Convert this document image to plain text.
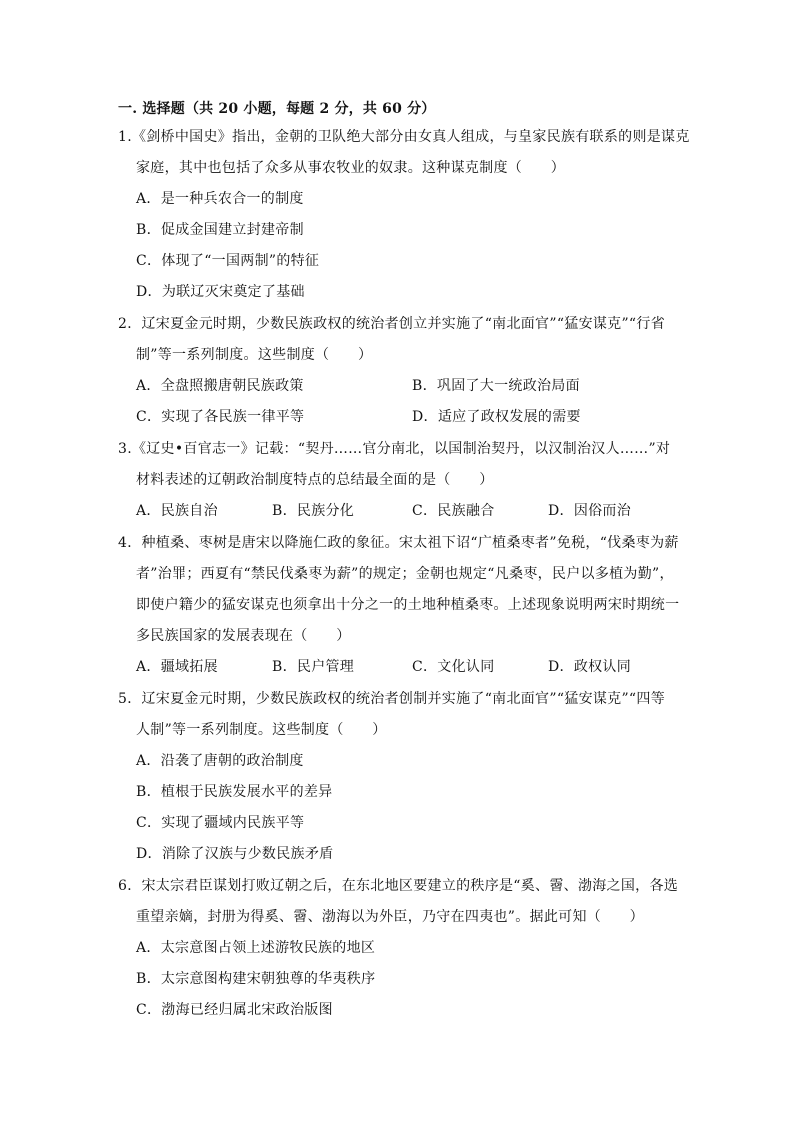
一. 选择题（共 20 小题，每题 2 分，共 60 分）
1.《剑桥中国史》指出，金朝的卫队绝大部分由女真人组成，与皇家民族有联系的则是谋克
家庭，其中也包括了众多从事农牧业的奴隶。这种谋克制度（　　）
A．是一种兵农合一的制度
B．促成金国建立封建帝制
C．体现了“一国两制”的特征
D．为联辽灭宋奠定了基础
2．辽宋夏金元时期，少数民族政权的统治者创立并实施了“南北面官”“猛安谋克”“行省
制”等一系列制度。这些制度（　　）
A．全盘照搬唐朝民族政策	B．巩固了大一统政治局面
C．实现了各民族一律平等	D．适应了政权发展的需要
3.《辽史•百官志一》记载：“契丹……官分南北，以国制治契丹，以汉制治汉人……”对
材料表述的辽朝政治制度特点的总结最全面的是（　　）
A．民族自治	B．民族分化	C．民族融合	D．因俗而治
4．种植桑、枣树是唐宋以降施仁政的象征。宋太祖下诏“广植桑枣者”免税，“伐桑枣为薪
者”治罪；西夏有“禁民伐桑枣为薪”的规定；金朝也规定“凡桑枣，民户以多植为勤”，
即使户籍少的猛安谋克也须拿出十分之一的土地种植桑枣。上述现象说明两宋时期统一
多民族国家的发展表现在（　　）
A．疆域拓展	B．民户管理	C．文化认同	D．政权认同
5．辽宋夏金元时期，少数民族政权的统治者创制并实施了“南北面官”“猛安谋克”“四等
人制”等一系列制度。这些制度（　　）
A．沿袭了唐朝的政治制度
B．植根于民族发展水平的差异
C．实现了疆域内民族平等
D．消除了汉族与少数民族矛盾
6．宋太宗君臣谋划打败辽朝之后，在东北地区要建立的秩序是“奚、霫、渤海之国，各选
重望亲嫡，封册为得奚、霫、渤海以为外臣，乃守在四夷也”。据此可知（　　）
A．太宗意图占领上述游牧民族的地区
B．太宗意图构建宋朝独尊的华夷秩序
C．渤海已经归属北宋政治版图
